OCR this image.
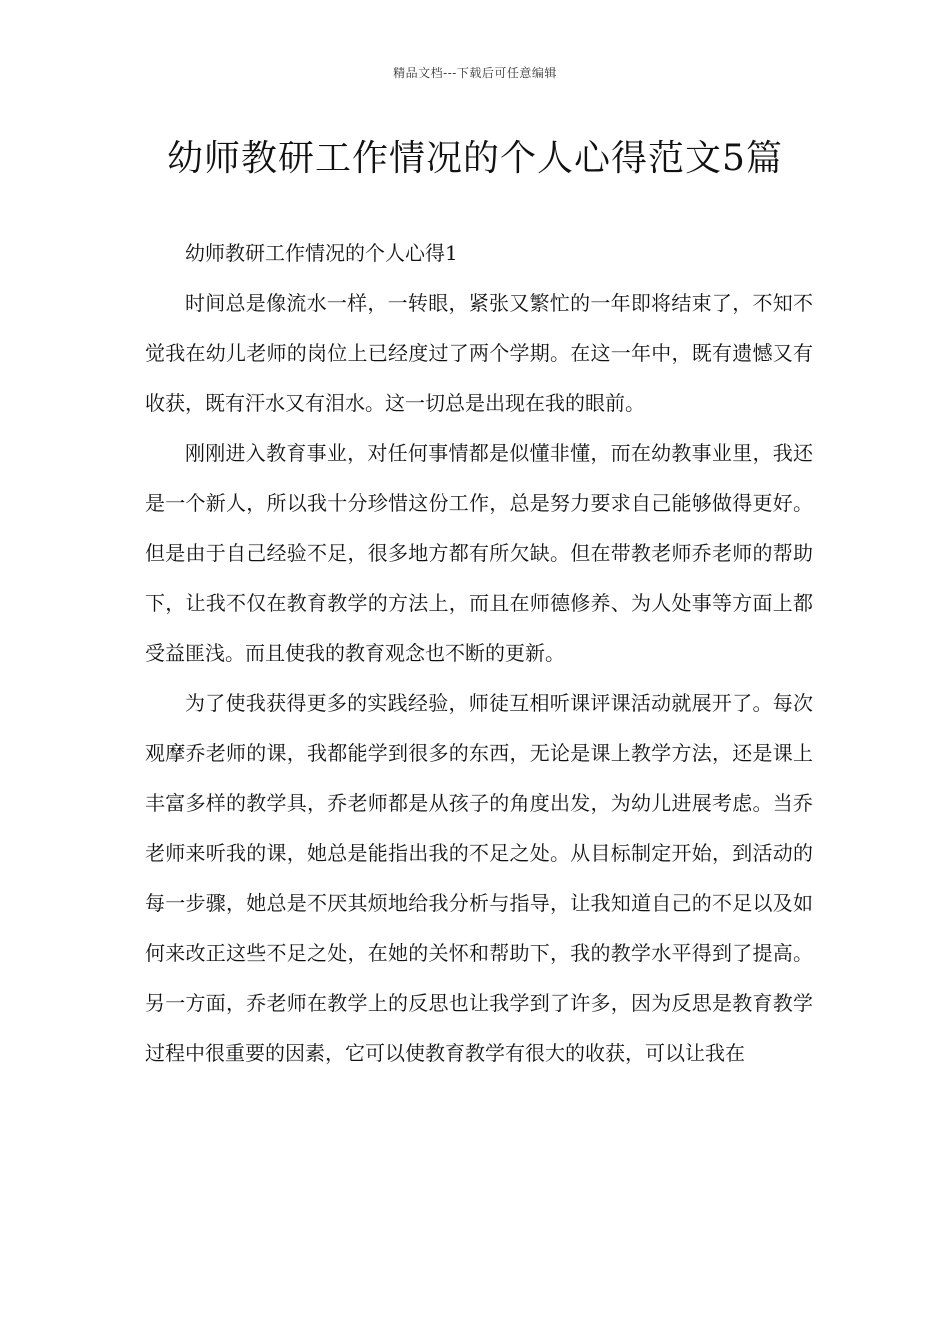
精品文档---下载后可任意编辑
幼师教研工作情况的个人心得范文5篇

幼师教研工作情况的个人心得1

时间总是像流水一样，一转眼，紧张又繁忙的一年即将结束了，不知不觉我在幼儿老师的岗位上已经度过了两个学期。在这一年中，既有遗憾又有收获，既有汗水又有泪水。这一切总是出现在我的眼前。

刚刚进入教育事业，对任何事情都是似懂非懂，而在幼教事业里，我还是一个新人，所以我十分珍惜这份工作，总是努力要求自己能够做得更好。但是由于自己经验不足，很多地方都有所欠缺。但在带教老师乔老师的帮助下，让我不仅在教育教学的方法上，而且在师德修养、为人处事等方面上都受益匪浅。而且使我的教育观念也不断的更新。

为了使我获得更多的实践经验，师徒互相听课评课活动就展开了。每次观摩乔老师的课，我都能学到很多的东西，无论是课上教学方法，还是课上丰富多样的教学具，乔老师都是从孩子的角度出发，为幼儿进展考虑。当乔老师来听我的课，她总是能指出我的不足之处。从目标制定开始，到活动的每一步骤，她总是不厌其烦地给我分析与指导，让我知道自己的不足以及如何来改正这些不足之处，在她的关怀和帮助下，我的教学水平得到了提高。另一方面，乔老师在教学上的反思也让我学到了许多，因为反思是教育教学过程中很重要的因素，它可以使教育教学有很大的收获，可以让我在
